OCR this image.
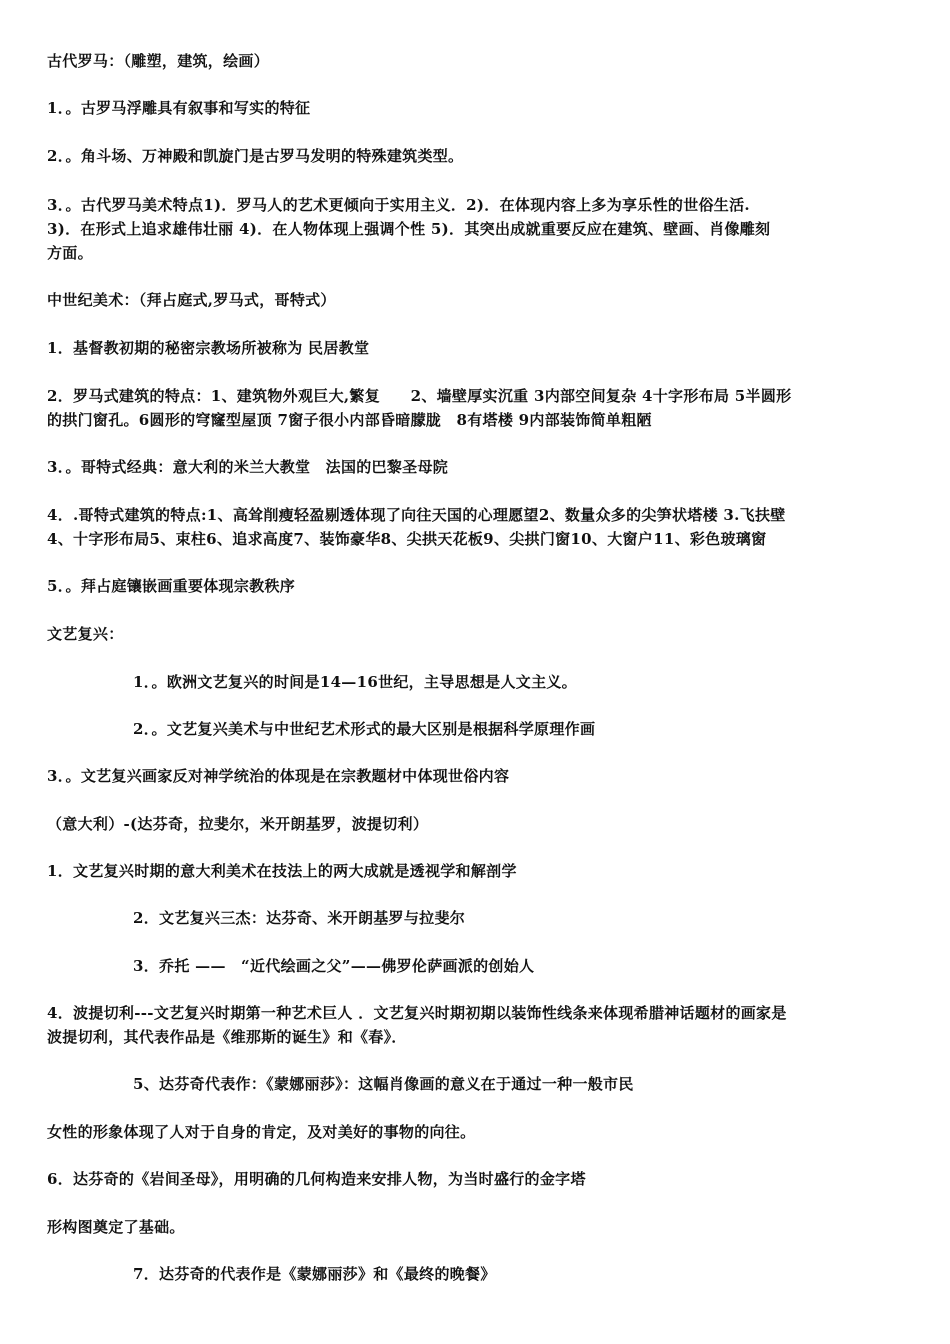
古代罗马：（雕塑，建筑，绘画）
1．。古罗马浮雕具有叙事和写实的特征
2．。角斗场、万神殿和凯旋门是古罗马发明的特殊建筑类型。
3．。古代罗马美术特点1)．罗马人的艺术更倾向于实用主义．2)．在体现内容上多为享乐性的世俗生活.
3)．在形式上追求雄伟壮丽 4)．在人物体现上强调个性 5)．其突出成就重要反应在建筑、壁画、肖像雕刻
方面。
中世纪美术：（拜占庭式,罗马式，哥特式）
1．基督教初期的秘密宗教场所被称为 民居教堂
2．罗马式建筑的特点：1、建筑物外观巨大,繁复　　2、墙壁厚实沉重 3内部空间复杂 4十字形布局 5半圆形
的拱门窗孔。6圆形的穹窿型屋顶 7窗子很小内部昏暗朦胧　8有塔楼 9内部装饰简单粗陋
3．。哥特式经典：意大利的米兰大教堂　法国的巴黎圣母院
4．.哥特式建筑的特点:1、高耸削瘦轻盈剔透体现了向往天国的心理愿望2、数量众多的尖笋状塔楼 3.飞扶壁
4、十字形布局5、束柱6、追求高度7、装饰豪华8、尖拱天花板9、尖拱门窗10、大窗户11、彩色玻璃窗
5．。拜占庭镶嵌画重要体现宗教秩序
文艺复兴：
1．。欧洲文艺复兴的时间是14—16世纪，主导思想是人文主义。
2．。文艺复兴美术与中世纪艺术形式的最大区别是根据科学原理作画
3．。文艺复兴画家反对神学统治的体现是在宗教题材中体现世俗内容
（意大利）-(达芬奇，拉斐尔，米开朗基罗，波提切利）
1．文艺复兴时期的意大利美术在技法上的两大成就是透视学和解剖学
2．文艺复兴三杰：达芬奇、米开朗基罗与拉斐尔
3．乔托 ——　“近代绘画之父”——佛罗伦萨画派的创始人
4．波提切利---文艺复兴时期第一种艺术巨人 ．文艺复兴时期初期以装饰性线条来体现希腊神话题材的画家是
波提切利，其代表作品是《维那斯的诞生》和《春》．
5、达芬奇代表作：《蒙娜丽莎》：这幅肖像画的意义在于通过一种一般市民
女性的形象体现了人对于自身的肯定，及对美好的事物的向往。
6．达芬奇的《岩间圣母》，用明确的几何构造来安排人物，为当时盛行的金字塔
形构图奠定了基础。
7．达芬奇的代表作是《蒙娜丽莎》和《最终的晚餐》
